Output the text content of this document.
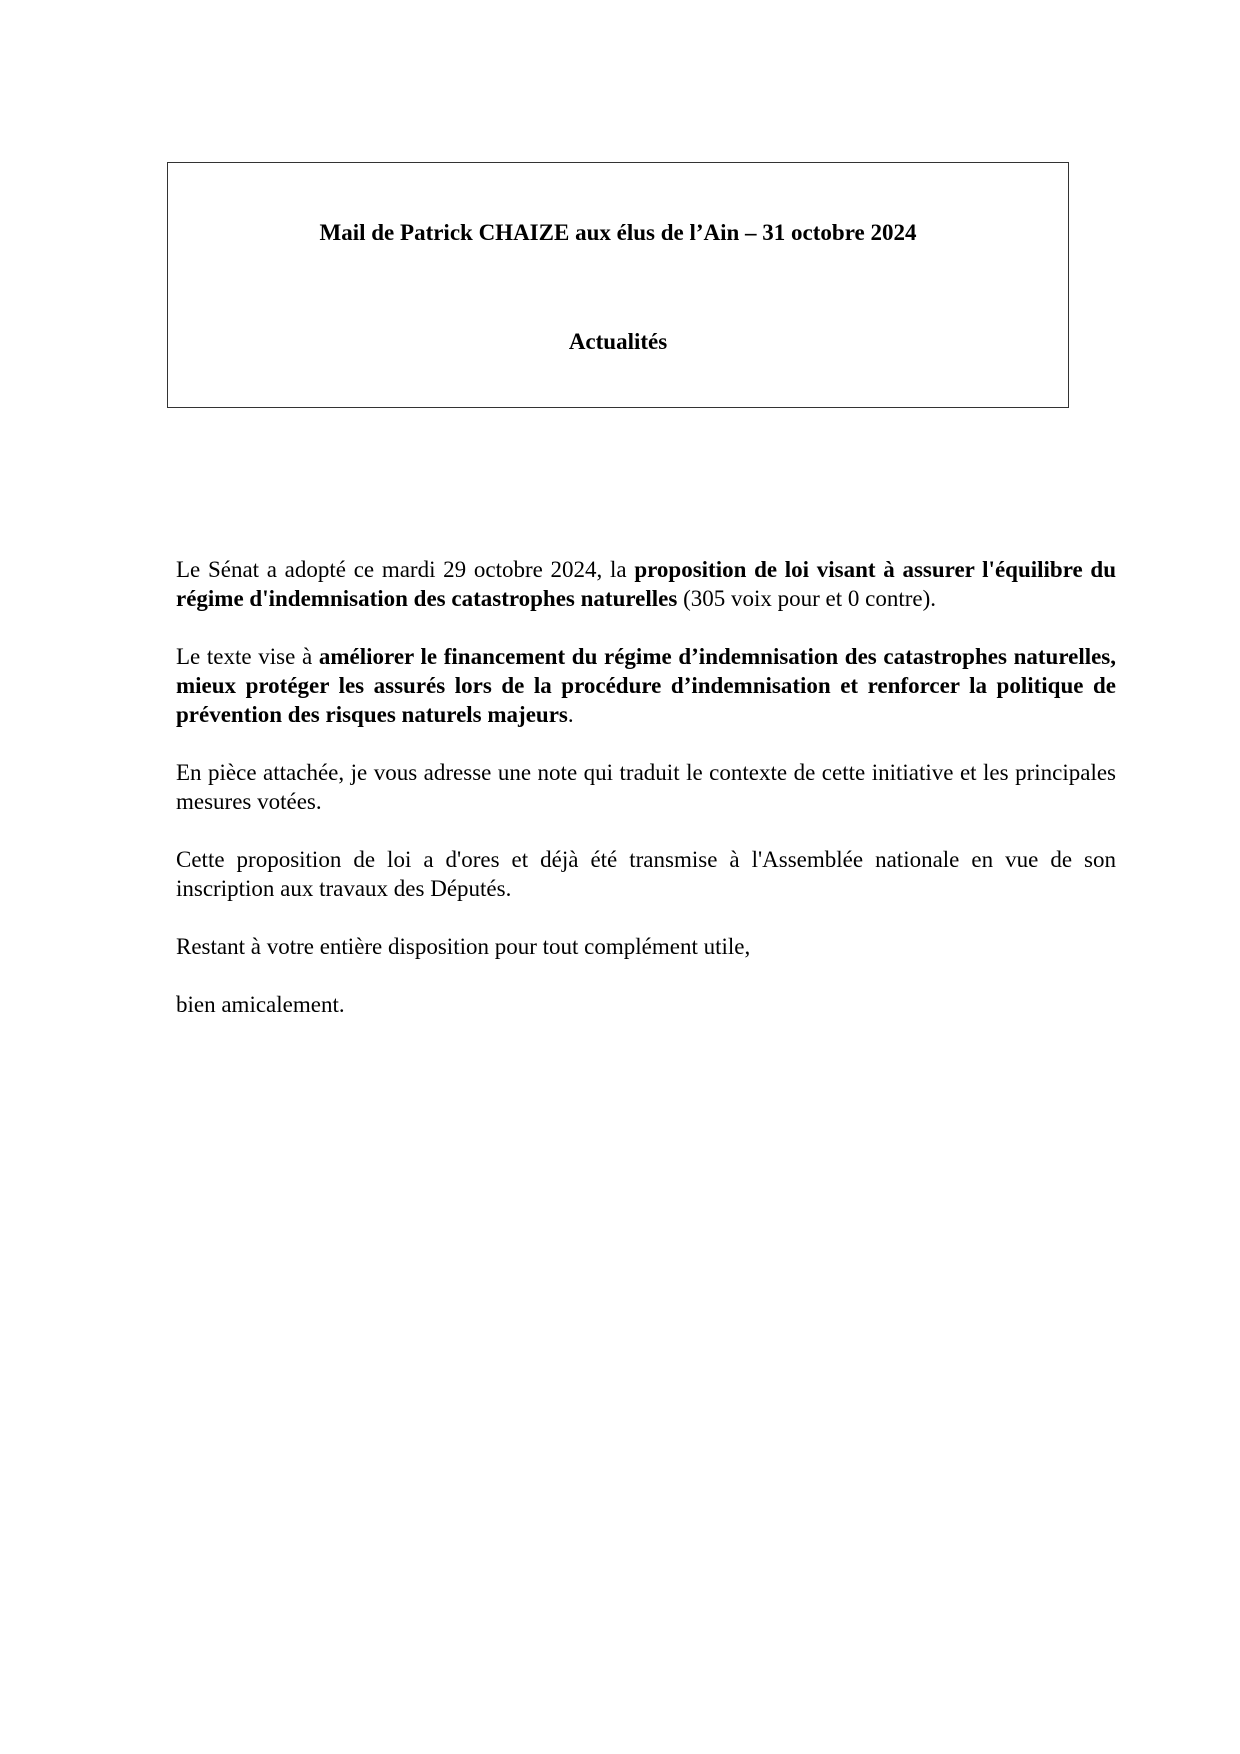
Mail de Patrick CHAIZE aux élus de l’Ain – 31 octobre 2024
Actualités

Le Sénat a adopté ce mardi 29 octobre 2024, la proposition de loi visant à assurer l'équilibre du régime d'indemnisation des catastrophes naturelles (305 voix pour et 0 contre).

Le texte vise à améliorer le financement du régime d’indemnisation des catastrophes naturelles, mieux protéger les assurés lors de la procédure d’indemnisation et renforcer la politique de prévention des risques naturels majeurs.

En pièce attachée, je vous adresse une note qui traduit le contexte de cette initiative et les principales mesures votées.

Cette proposition de loi a d'ores et déjà été transmise à l'Assemblée nationale en vue de son inscription aux travaux des Députés.

Restant à votre entière disposition pour tout complément utile,

bien amicalement.
